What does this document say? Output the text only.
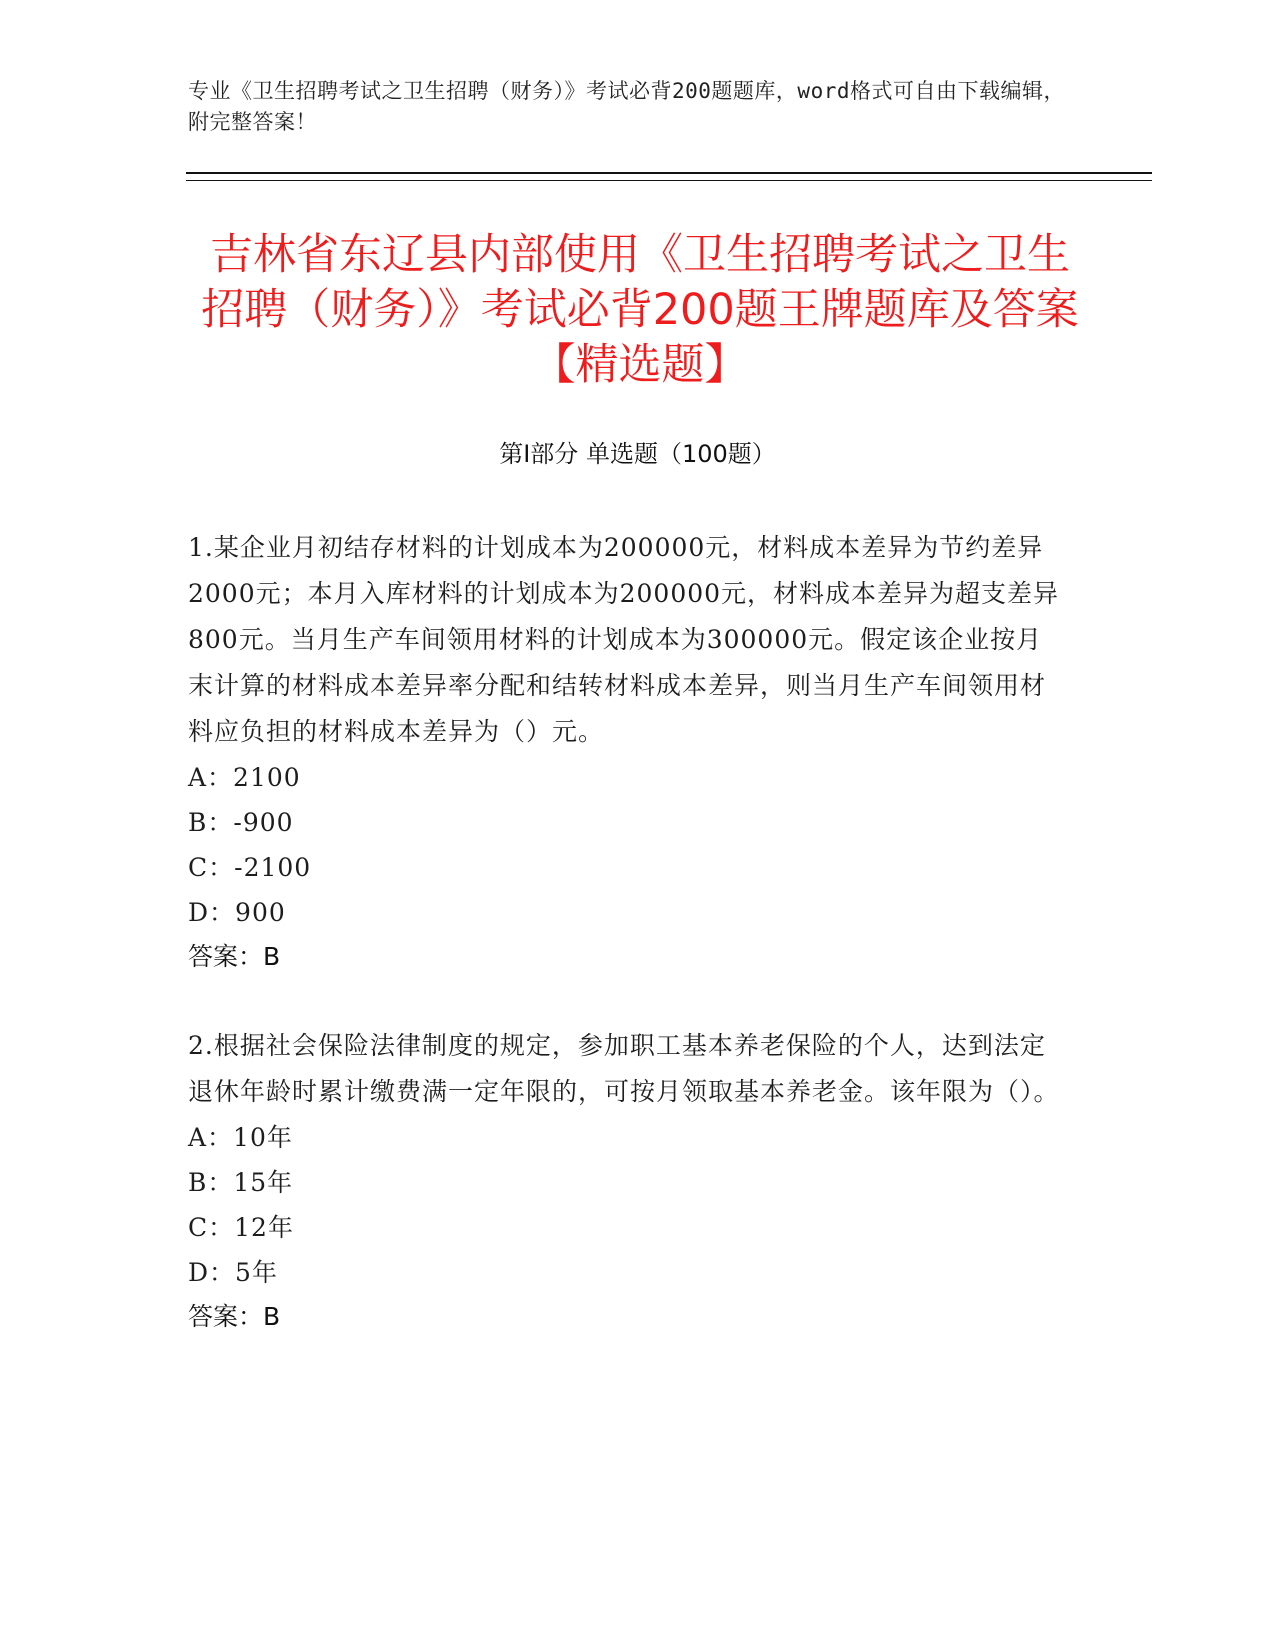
专业《卫生招聘考试之卫生招聘（财务）》考试必背200题题库，word格式可自由下载编辑，附完整答案！
吉林省东辽县内部使用《卫生招聘考试之卫生招聘（财务）》考试必背200题王牌题库及答案【精选题】
第Ⅰ部分 单选题（100题）

1.某企业月初结存材料的计划成本为200000元，材料成本差异为节约差异2000元；本月入库材料的计划成本为200000元，材料成本差异为超支差异800元。当月生产车间领用材料的计划成本为300000元。假定该企业按月末计算的材料成本差异率分配和结转材料成本差异，则当月生产车间领用材料应负担的材料成本差异为（）元。

A：2100
B：-900
C：-2100
D：900
答案：B

2.根据社会保险法律制度的规定，参加职工基本养老保险的个人，达到法定退休年龄时累计缴费满一定年限的，可按月领取基本养老金。该年限为（）。

A：10年
B：15年
C：12年
D：5年
答案：B
